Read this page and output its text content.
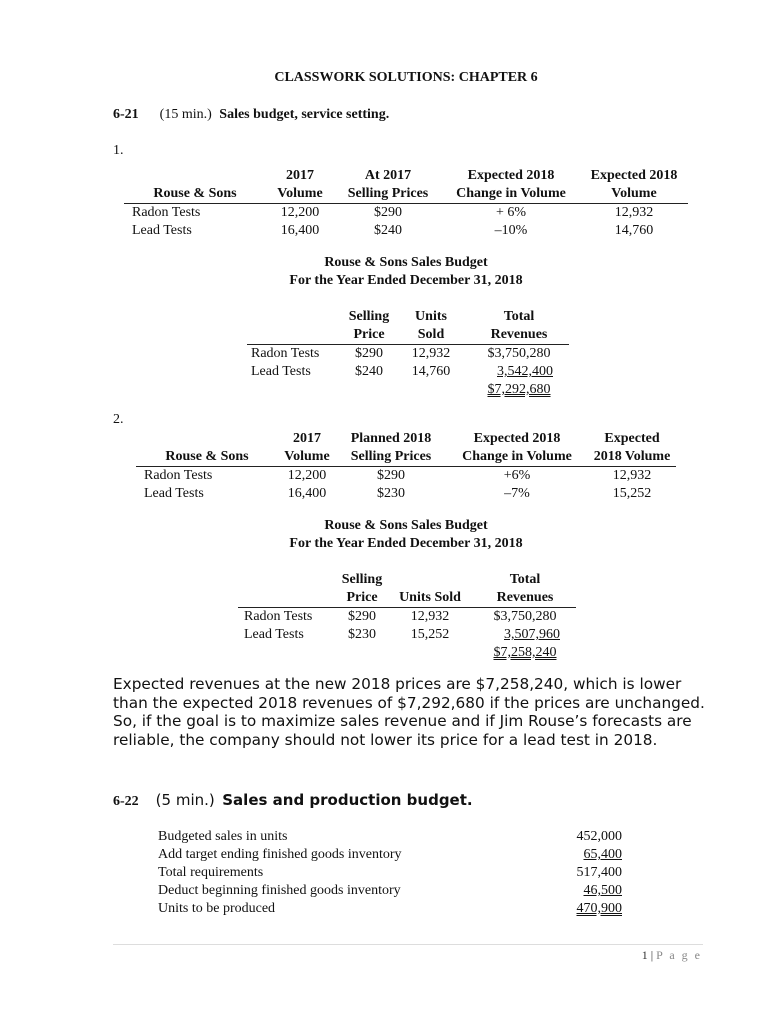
CLASSWORK SOLUTIONS: CHAPTER 6
6-21 (15 min.) Sales budget, service setting.
1.
	2017	At 2017	Expected 2018	Expected 2018
Rouse & Sons	Volume	Selling Prices	Change in Volume	Volume
Radon Tests	12,200	$290	+ 6%	12,932
Lead Tests	16,400	$240	–10%	14,760
Rouse & Sons Sales Budget
For the Year Ended December 31, 2018
	Selling	Units	Total
	Price	Sold	Revenues
Radon Tests	$290	12,932	$3,750,280
Lead Tests	$240	14,760	3,542,400
			$7,292,680
2.
	2017	Planned 2018	Expected 2018	Expected
Rouse & Sons	Volume	Selling Prices	Change in Volume	2018 Volume
Radon Tests	12,200	$290	+6%	12,932
Lead Tests	16,400	$230	–7%	15,252
Rouse & Sons Sales Budget
For the Year Ended December 31, 2018
	Selling		Total
	Price	Units Sold	Revenues
Radon Tests	$290	12,932	$3,750,280
Lead Tests	$230	15,252	3,507,960
			$7,258,240
Expected revenues at the new 2018 prices are $7,258,240, which is lower than the expected 2018 revenues of $7,292,680 if the prices are unchanged. So, if the goal is to maximize sales revenue and if Jim Rouse’s forecasts are reliable, the company should not lower its price for a lead test in 2018.
6-22 (5 min.) Sales and production budget.
Budgeted sales in units	452,000
Add target ending finished goods inventory	65,400
Total requirements	517,400
Deduct beginning finished goods inventory	46,500
Units to be produced	470,900
1 | P a g e
